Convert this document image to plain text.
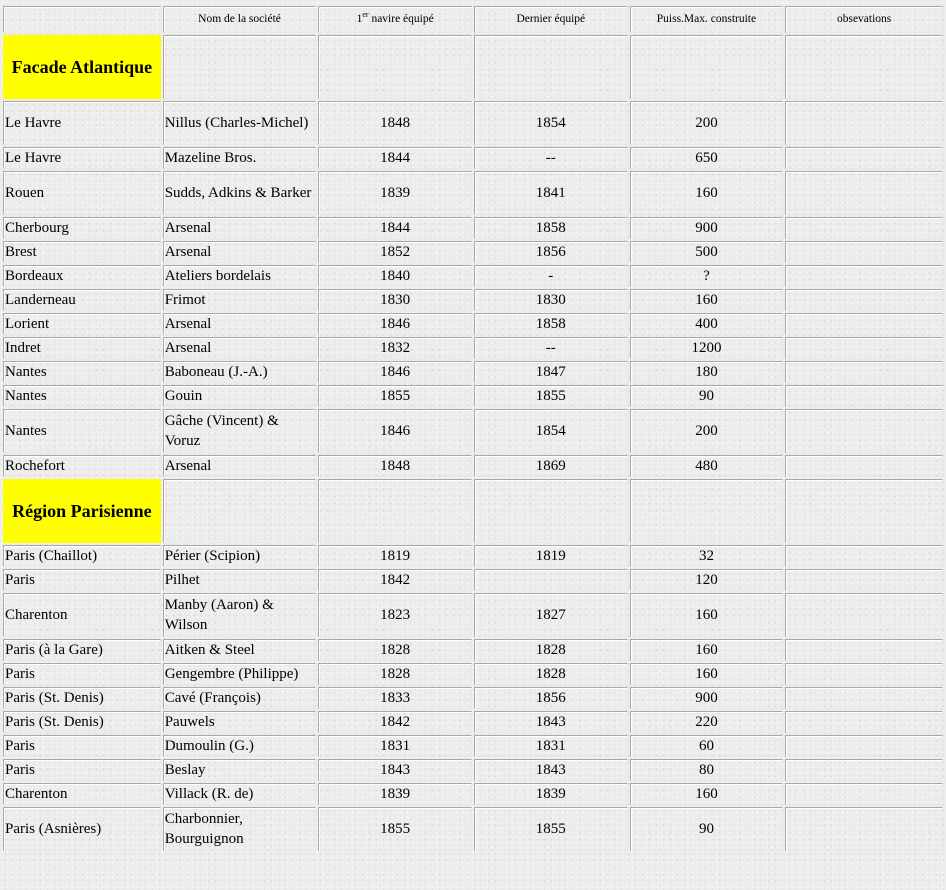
	Nom de la société	1er navire équipé	Dernier équipé	Puiss.Max. construite	obsevations
Facade Atlantique					
Le Havre	Nillus (Charles-Michel)	1848	1854	200	
Le Havre	Mazeline Bros.	1844	--	650	
Rouen	Sudds, Adkins & Barker	1839	1841	160	
Cherbourg	Arsenal	1844	1858	900	
Brest	Arsenal	1852	1856	500	
Bordeaux	Ateliers bordelais	1840	-	?	
Landerneau	Frimot	1830	1830	160	
Lorient	Arsenal	1846	1858	400	
Indret	Arsenal	1832	--	1200	
Nantes	Baboneau (J.-A.)	1846	1847	180	
Nantes	Gouin	1855	1855	90	
Nantes	Gâche (Vincent) & Voruz	1846	1854	200	
Rochefort	Arsenal	1848	1869	480	
Région Parisienne					
Paris (Chaillot)	Périer (Scipion)	1819	1819	32	
Paris	Pilhet	1842		120	
Charenton	Manby (Aaron) & Wilson	1823	1827	160	
Paris (à la Gare)	Aitken & Steel	1828	1828	160	
Paris	Gengembre (Philippe)	1828	1828	160	
Paris (St. Denis)	Cavé (François)	1833	1856	900	
Paris (St. Denis)	Pauwels	1842	1843	220	
Paris	Dumoulin (G.)	1831	1831	60	
Paris	Beslay	1843	1843	80	
Charenton	Villack (R. de)	1839	1839	160	
Paris (Asnières)	Charbonnier, Bourguignon	1855	1855	90	
